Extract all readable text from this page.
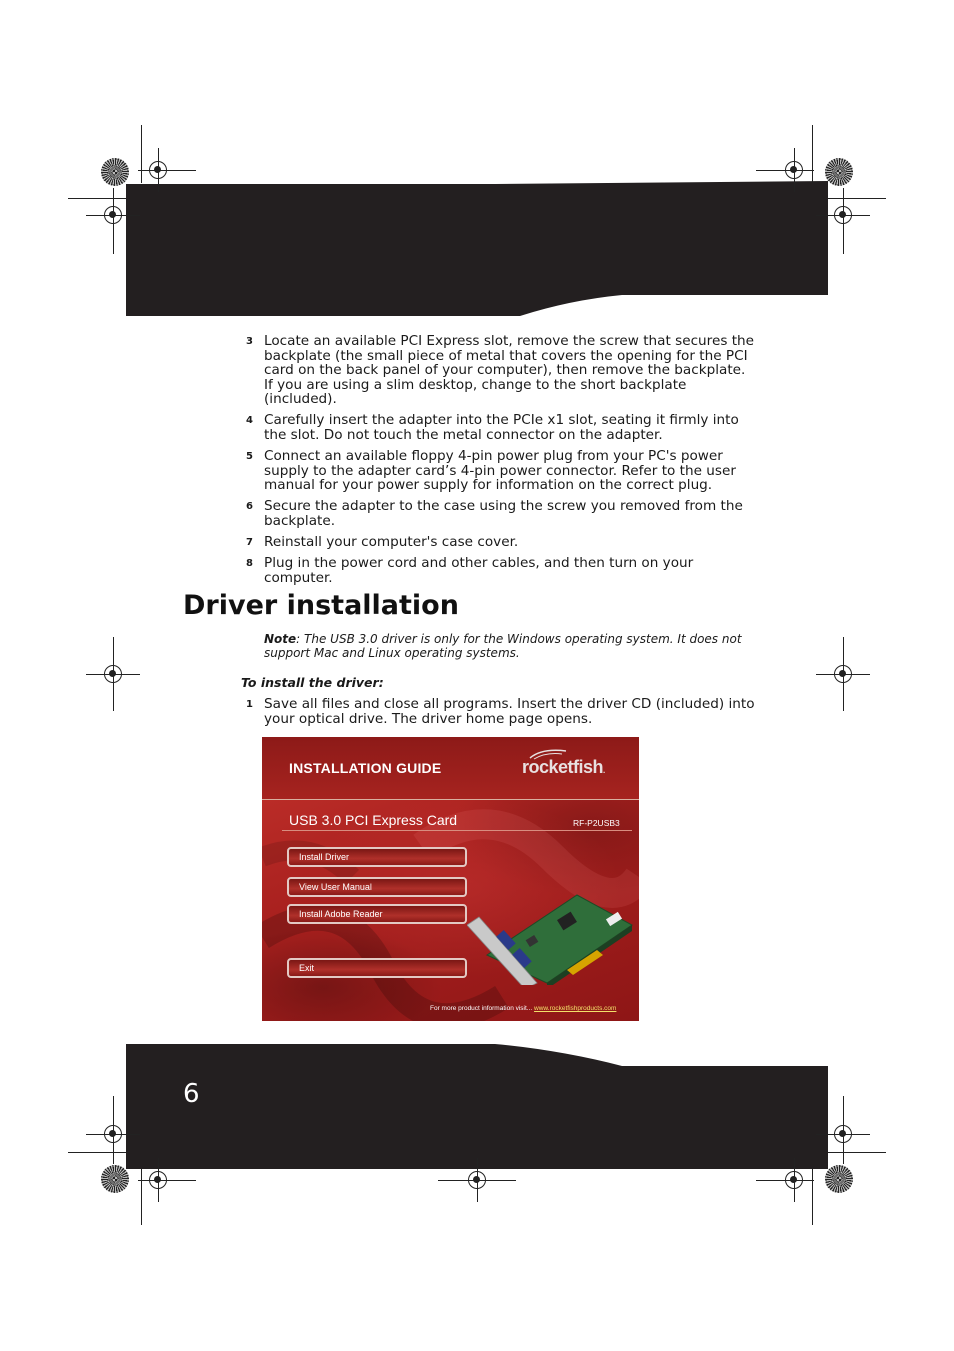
3 Locate an available PCI Express slot, remove the screw that secures the backplate (the small piece of metal that covers the opening for the PCI card on the back panel of your computer), then remove the backplate. If you are using a slim desktop, change to the short backplate (included).
4 Carefully insert the adapter into the PCIe x1 slot, seating it firmly into the slot. Do not touch the metal connector on the adapter.
5 Connect an available floppy 4-pin power plug from your PC's power supply to the adapter card’s 4-pin power connector. Refer to the user manual for your power supply for information on the correct plug.
6 Secure the adapter to the case using the screw you removed from the backplate.
7 Reinstall your computer's case cover.
8 Plug in the power cord and other cables, and then turn on your computer.
Driver installation
Note: The USB 3.0 driver is only for the Windows operating system. It does not support Mac and Linux operating systems.
To install the driver:
1 Save all files and close all programs. Insert the driver CD (included) into your optical drive. The driver home page opens.
INSTALLATION GUIDE	rocketfish.
USB 3.0 PCI Express Card	RF-P2USB3
Install Driver
View User Manual
Install Adobe Reader
Exit
For more product information visit... www.rocketfishproducts.com
6
